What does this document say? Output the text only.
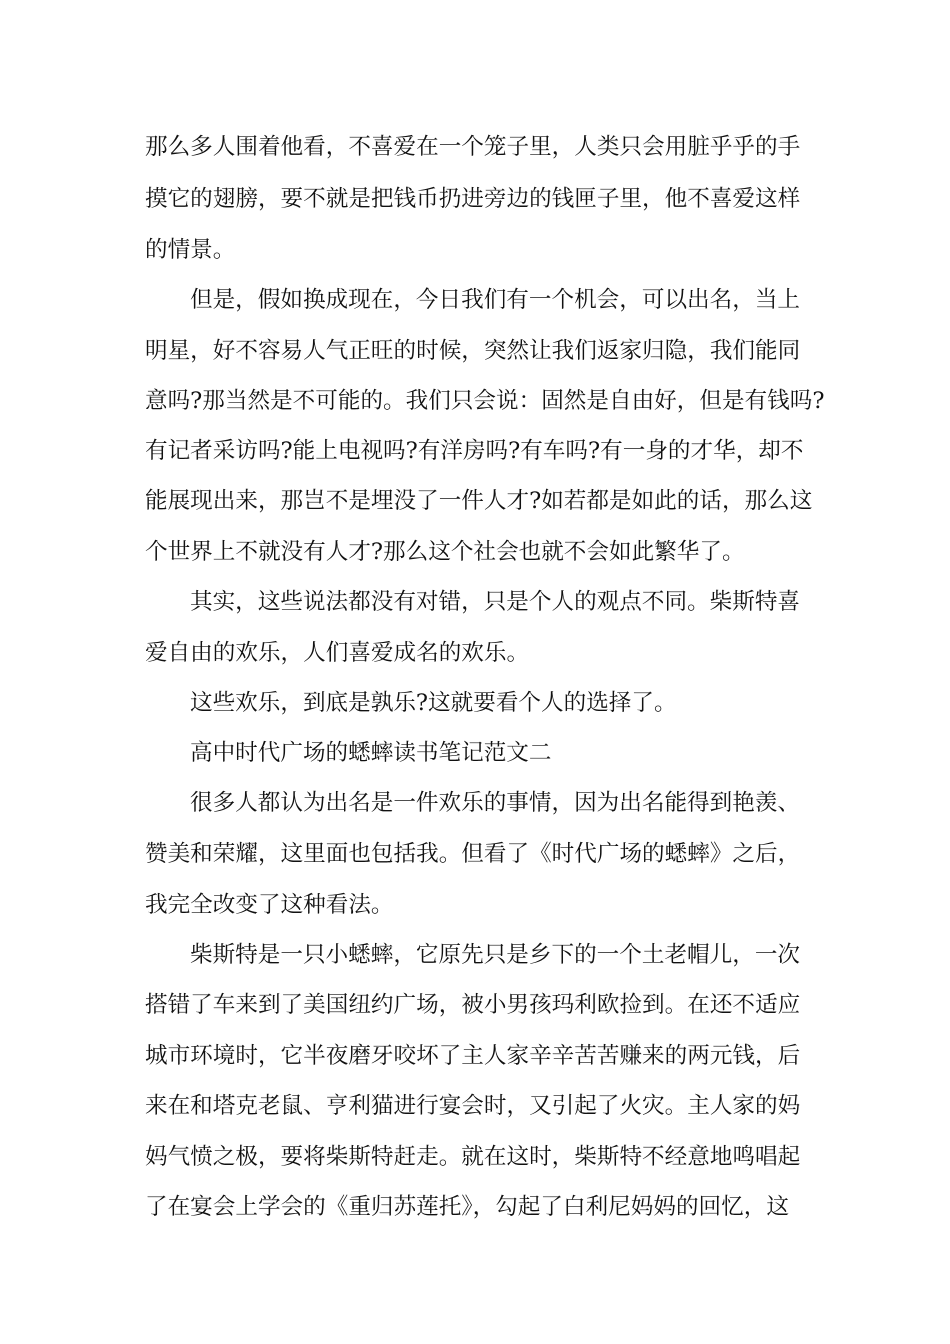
那么多人围着他看，不喜爱在一个笼子里，人类只会用脏乎乎的手
摸它的翅膀，要不就是把钱币扔进旁边的钱匣子里，他不喜爱这样
的情景。
但是，假如换成现在，今日我们有一个机会，可以出名，当上
明星，好不容易人气正旺的时候，突然让我们返家归隐，我们能同
意吗?那当然是不可能的。我们只会说：固然是自由好，但是有钱吗?
有记者采访吗?能上电视吗?有洋房吗?有车吗?有一身的才华，却不
能展现出来，那岂不是埋没了一件人才?如若都是如此的话，那么这
个世界上不就没有人才?那么这个社会也就不会如此繁华了。
其实，这些说法都没有对错，只是个人的观点不同。柴斯特喜
爱自由的欢乐，人们喜爱成名的欢乐。
这些欢乐，到底是孰乐?这就要看个人的选择了。
高中时代广场的蟋蟀读书笔记范文二
很多人都认为出名是一件欢乐的事情，因为出名能得到艳羡、
赞美和荣耀，这里面也包括我。但看了《时代广场的蟋蟀》之后，
我完全改变了这种看法。
柴斯特是一只小蟋蟀，它原先只是乡下的一个土老帽儿，一次
搭错了车来到了美国纽约广场，被小男孩玛利欧捡到。在还不适应
城市环境时，它半夜磨牙咬坏了主人家辛辛苦苦赚来的两元钱，后
来在和塔克老鼠、亨利猫进行宴会时，又引起了火灾。主人家的妈
妈气愤之极，要将柴斯特赶走。就在这时，柴斯特不经意地鸣唱起
了在宴会上学会的《重归苏莲托》，勾起了白利尼妈妈的回忆，这
